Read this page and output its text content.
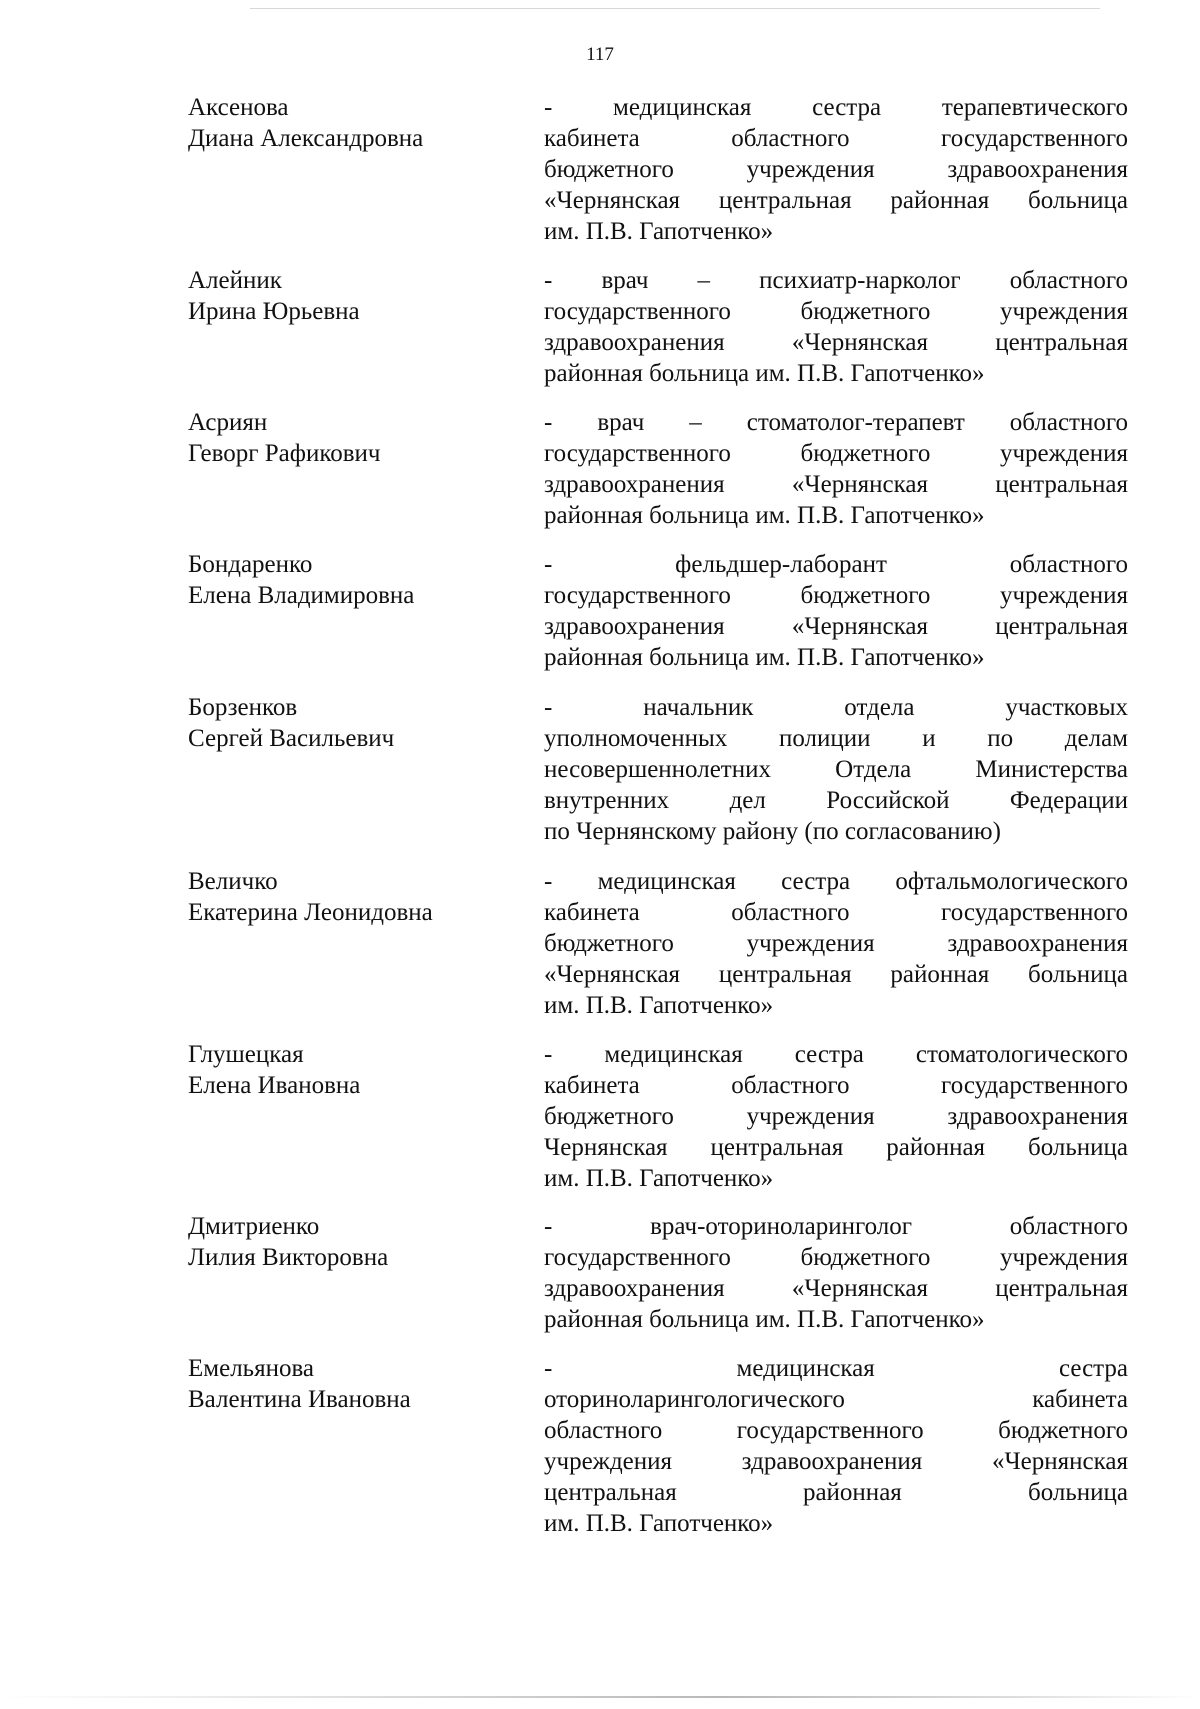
117
Аксенова
Диана Александровна
- медицинская сестра терапевтического
кабинета областного государственного
бюджетного учреждения здравоохранения
«Чернянская центральная районная больница
им. П.В. Гапотченко»
Алейник
Ирина Юрьевна
- врач – психиатр-нарколог областного
государственного бюджетного учреждения
здравоохранения «Чернянская центральная
районная больница им. П.В. Гапотченко»
Асриян
Геворг Рафикович
- врач – стоматолог-терапевт областного
государственного бюджетного учреждения
здравоохранения «Чернянская центральная
районная больница им. П.В. Гапотченко»
Бондаренко
Елена Владимировна
- фельдшер-лаборант областного
государственного бюджетного учреждения
здравоохранения «Чернянская центральная
районная больница им. П.В. Гапотченко»
Борзенков
Сергей Васильевич
- начальник отдела участковых
уполномоченных полиции и по делам
несовершеннолетних Отдела Министерства
внутренних дел Российской Федерации
по Чернянскому району (по согласованию)
Величко
Екатерина Леонидовна
- медицинская сестра офтальмологического
кабинета областного государственного
бюджетного учреждения здравоохранения
«Чернянская центральная районная больница
им. П.В. Гапотченко»
Глушецкая
Елена Ивановна
- медицинская сестра стоматологического
кабинета областного государственного
бюджетного учреждения здравоохранения
Чернянская центральная районная больница
им. П.В. Гапотченко»
Дмитриенко
Лилия Викторовна
- врач-оториноларинголог областного
государственного бюджетного учреждения
здравоохранения «Чернянская центральная
районная больница им. П.В. Гапотченко»
Емельянова
Валентина Ивановна
- медицинская сестра
оториноларингологического кабинета
областного государственного бюджетного
учреждения здравоохранения «Чернянская
центральная районная больница
им. П.В. Гапотченко»
